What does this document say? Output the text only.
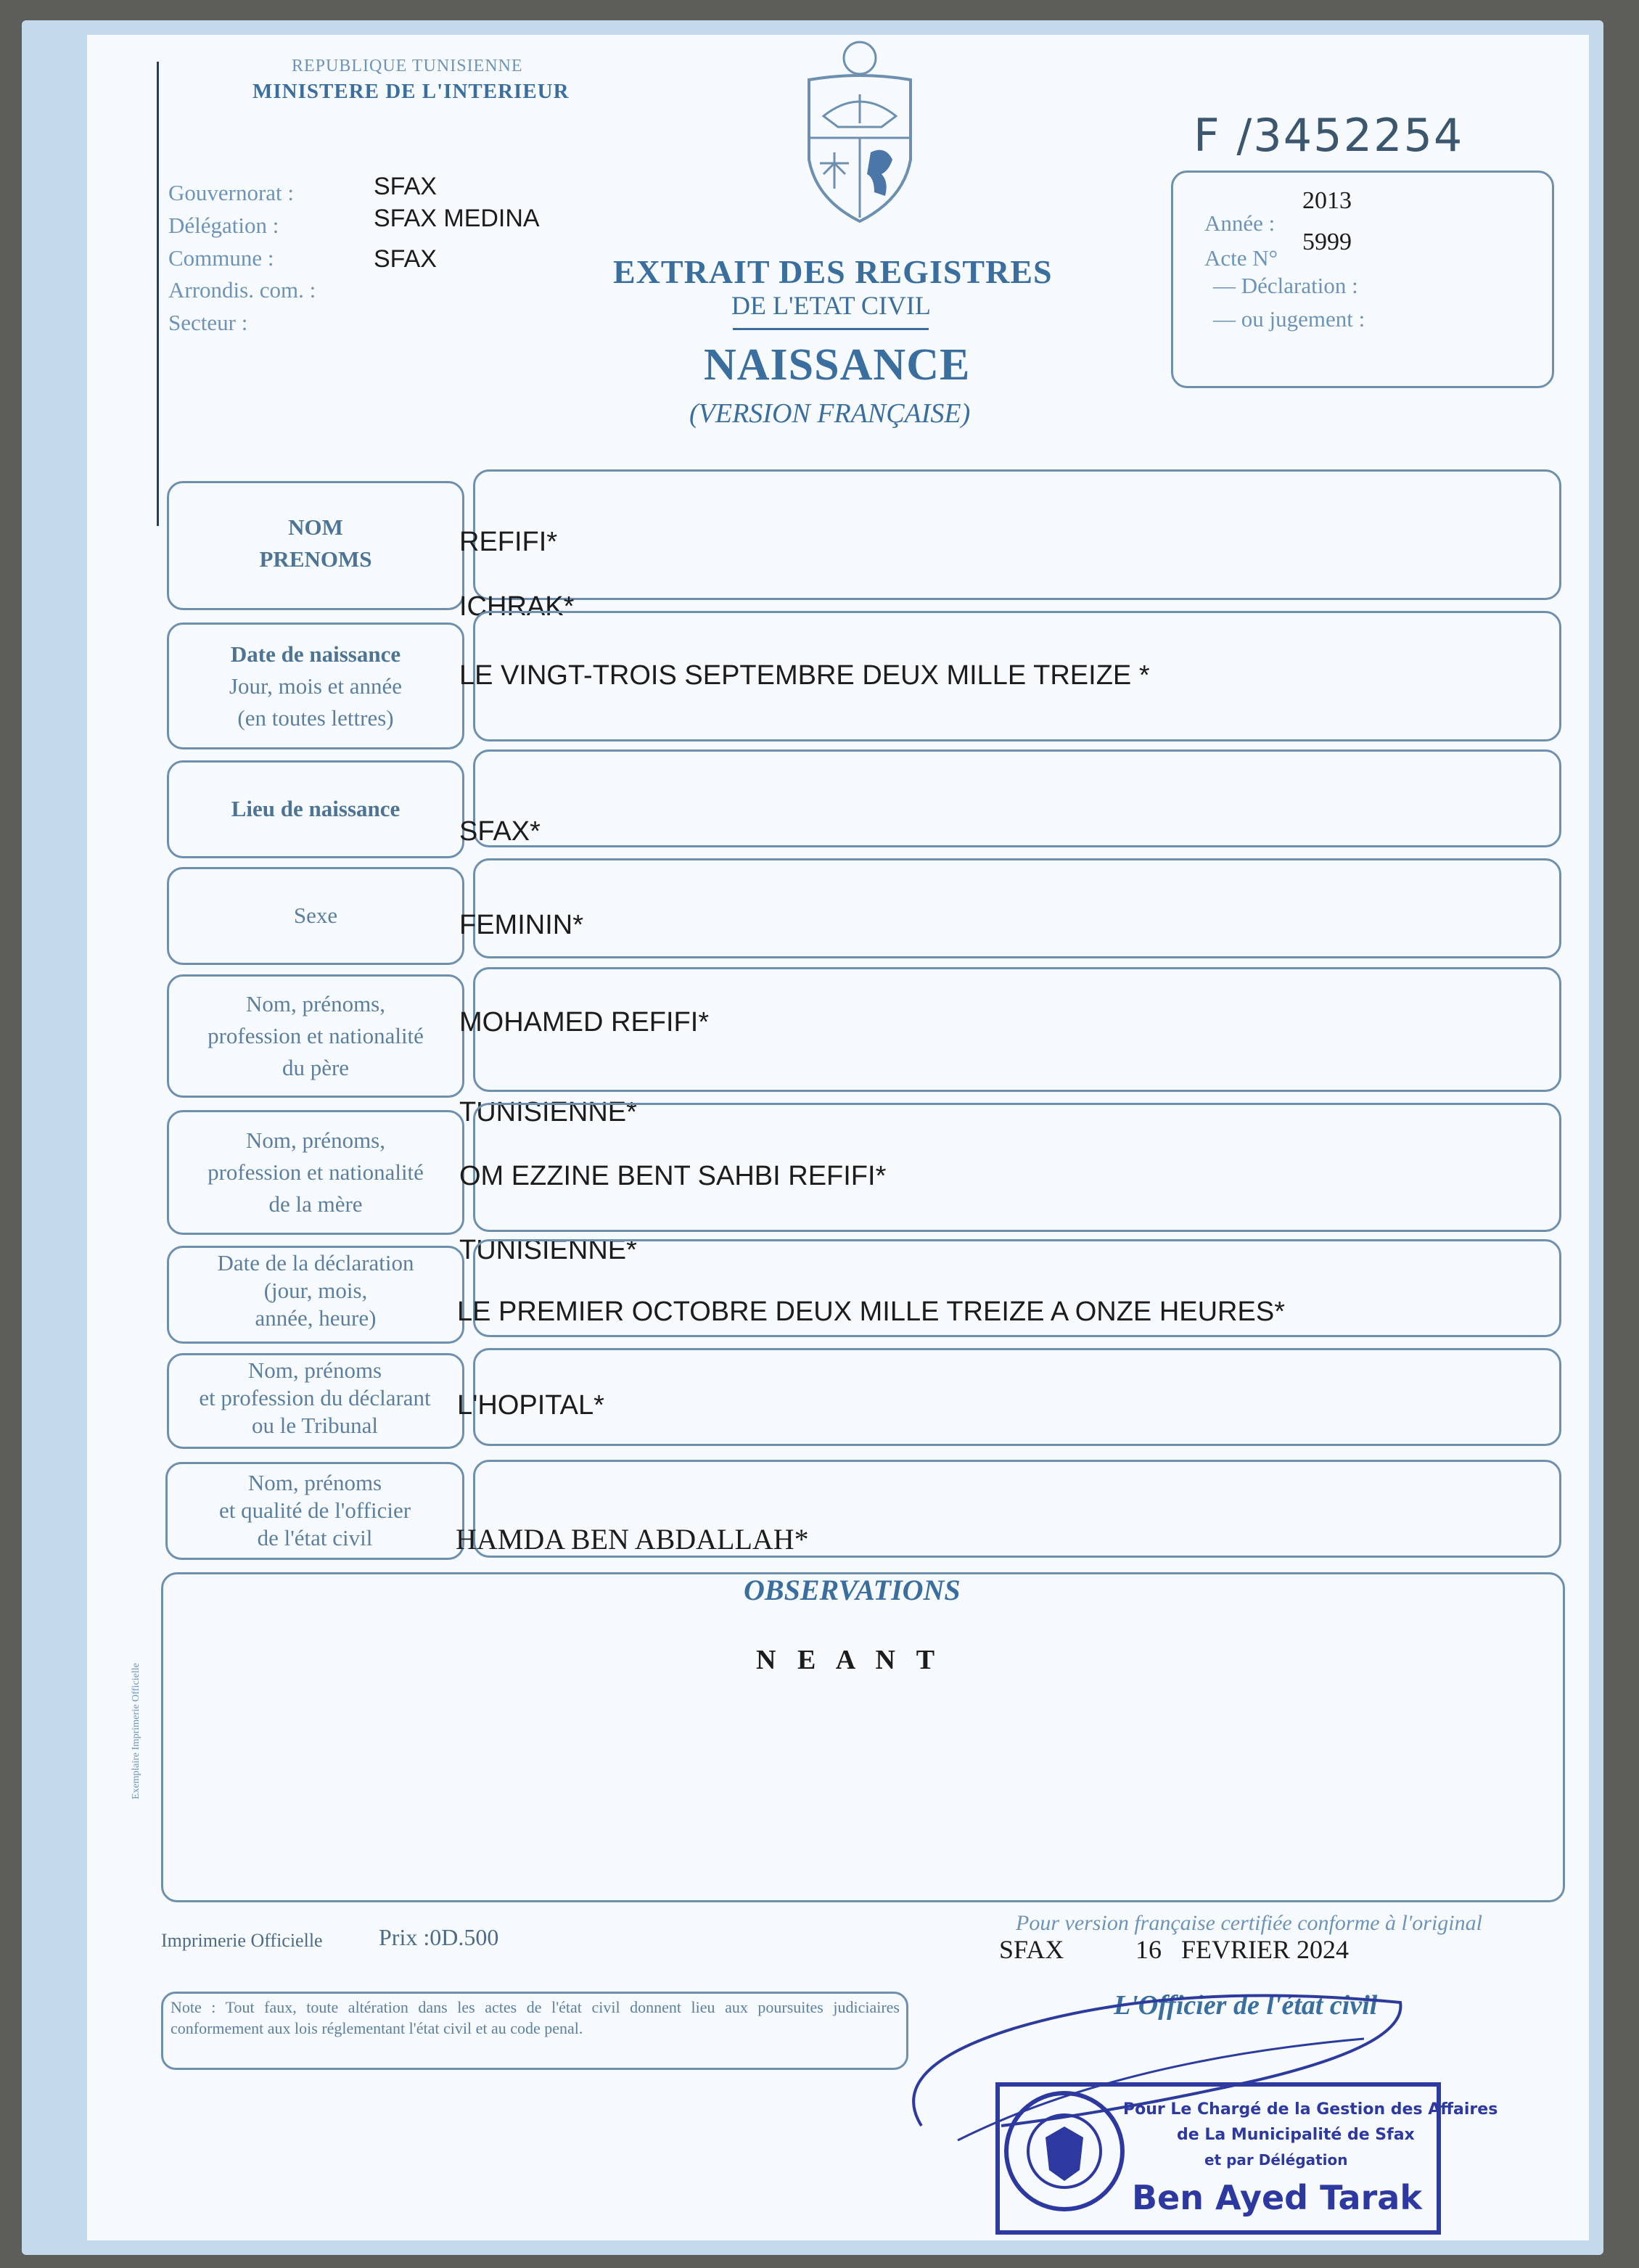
REPUBLIQUE TUNISIENNE
MINISTERE DE L'INTERIEUR
Gouvernorat :	SFAX
Délégation :	SFAX MEDINA
Commune :	SFAX
Arrondis. com. :
Secteur :
F /3452254
Année :
2013
Acte N°
5999
— Déclaration :
— ou jugement :
EXTRAIT DES REGISTRES
DE L'ETAT CIVIL
NAISSANCE
(VERSION FRANÇAISE)
NOM
PRENOMS
REFIFI*
ICHRAK*
Date de naissance
Jour, mois et année
(en toutes lettres)
LE VINGT-TROIS SEPTEMBRE DEUX MILLE TREIZE *
Lieu de naissance
SFAX*
Sexe	FEMININ*
Nom, prénoms,
profession et nationalité
du père
MOHAMED REFIFI*
TUNISIENNE*
Nom, prénoms,
profession et nationalité
de la mère
OM EZZINE BENT SAHBI REFIFI*
TUNISIENNE*
Date de la déclaration
(jour, mois,
année, heure)	LE PREMIER OCTOBRE DEUX MILLE TREIZE A ONZE HEURES*
Nom, prénoms
et profession du déclarant
ou le Tribunal
L'HOPITAL*
Nom, prénoms
et qualité de l'officier
de l'état civil	HAMDA BEN ABDALLAH*
OBSERVATIONS
N E A N T
Exemplaire Imprimerie Officielle
Imprimerie Officielle Prix :0D.500
Pour version française certifiée conforme à l'original
SFAX	16   FEVRIER 2024
L'Officier de l'état civil
Note : Tout faux, toute altération dans les actes de l'état civil donnent lieu aux poursuites judiciaires conformement aux lois réglementant l'état civil et au code penal.
Pour Le Chargé de la Gestion des Affaires
de La Municipalité de Sfax
et par Délégation
Ben Ayed Tarak
